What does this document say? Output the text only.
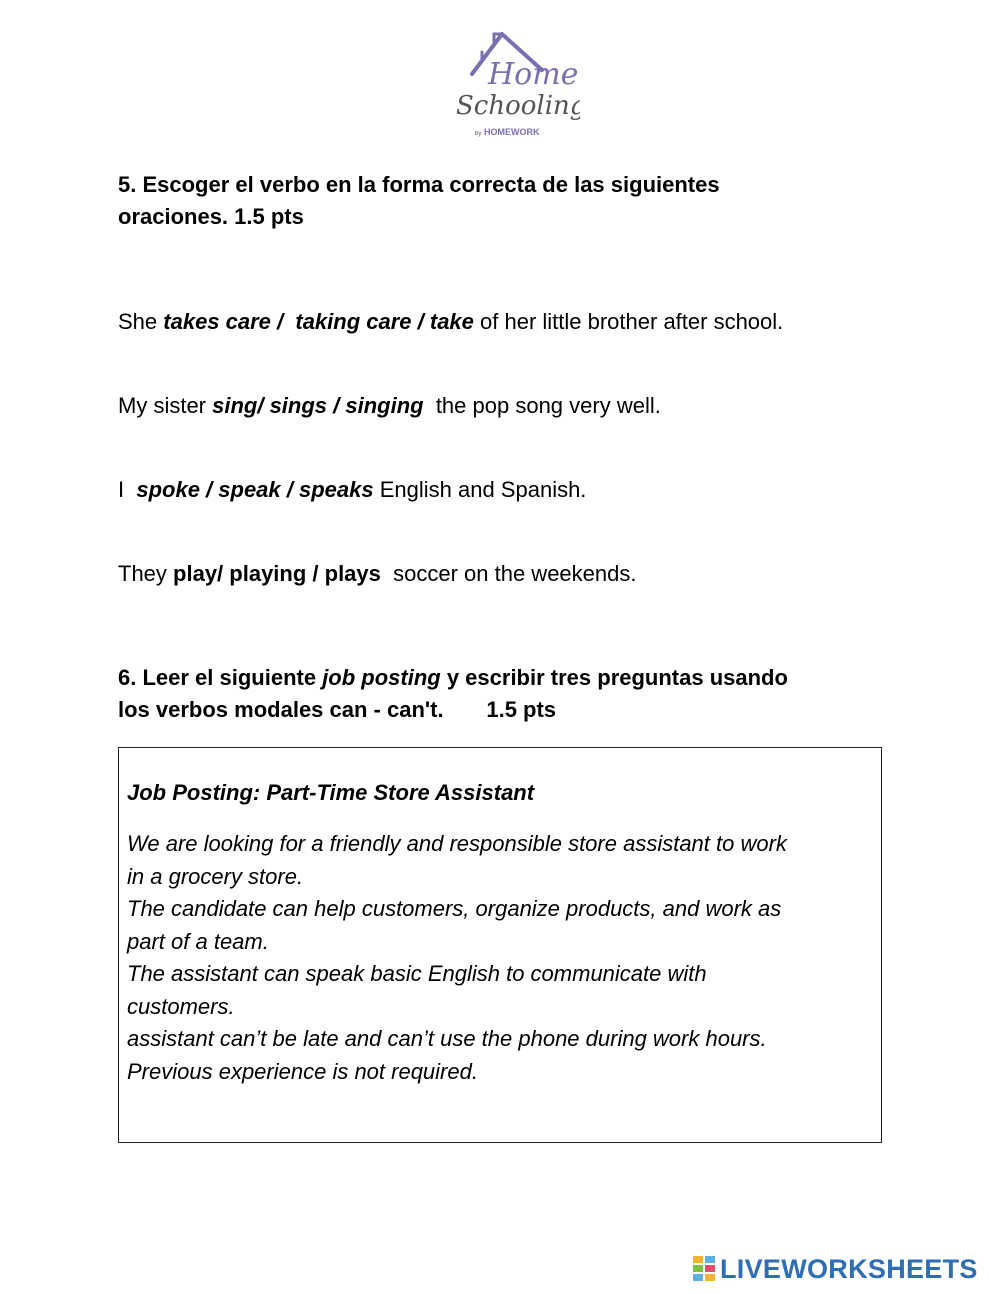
Home
Schooling
by HOMEWORK
5. Escoger el verbo en la forma correcta de las siguientes
oraciones. 1.5 pts
She takes care /  taking care / take of her little brother after school.
My sister sing/ sings / singing  the pop song very well.
I  spoke / speak / speaks English and Spanish.
They play/ playing / plays  soccer on the weekends.
6. Leer el siguiente job posting y escribir tres preguntas usando
los verbos modales can - can't.       1.5 pts
Job Posting: Part-Time Store Assistant
We are looking for a friendly and responsible store assistant to work
in a grocery store.
The candidate can help customers, organize products, and work as
part of a team.
The assistant can speak basic English to communicate with
customers.
assistant can’t be late and can’t use the phone during work hours.
Previous experience is not required.
LIVEWORKSHEETS
